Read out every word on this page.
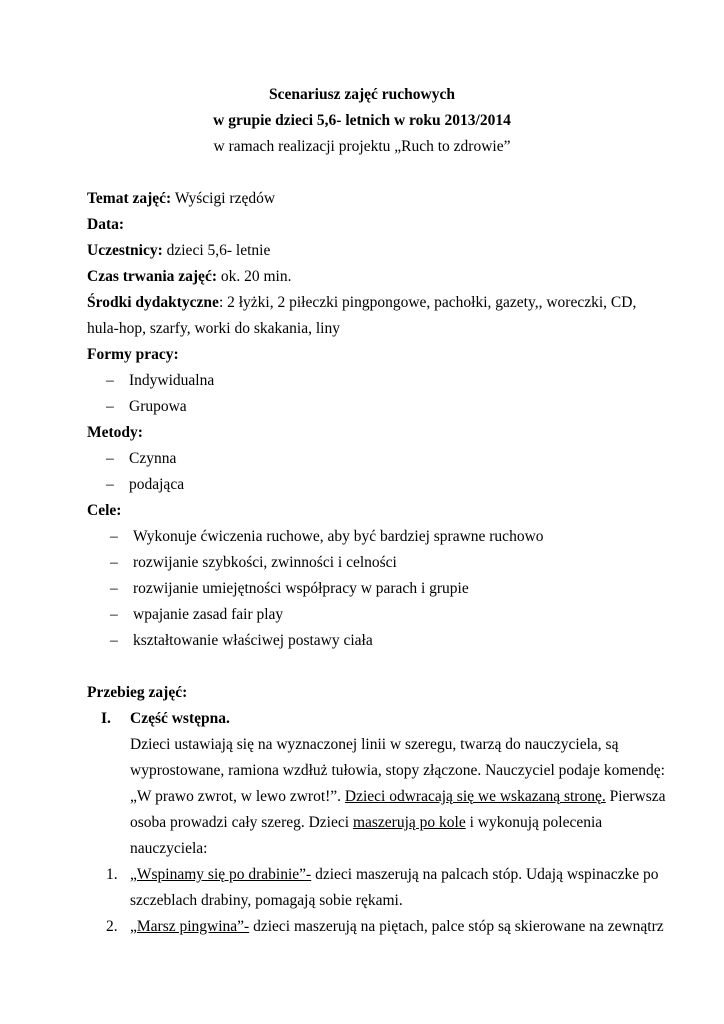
Scenariusz zajęć ruchowych
w grupie dzieci 5,6- letnich w roku 2013/2014
w ramach realizacji projektu „Ruch to zdrowie”
Temat zajęć: Wyścigi rzędów
Data:
Uczestnicy: dzieci 5,6- letnie
Czas trwania zajęć: ok. 20 min.
Środki dydaktyczne: 2 łyżki, 2 piłeczki pingpongowe, pachołki, gazety,, woreczki, CD,
hula-hop, szarfy, worki do skakania, liny
Formy pracy:
– Indywidualna
– Grupowa
Metody:
– Czynna
– podająca
Cele:
– Wykonuje ćwiczenia ruchowe, aby być bardziej sprawne ruchowo
– rozwijanie szybkości, zwinności i celności
– rozwijanie umiejętności współpracy w parach i grupie
– wpajanie zasad fair play
– kształtowanie właściwej postawy ciała
Przebieg zajęć:
I. Część wstępna.
Dzieci ustawiają się na wyznaczonej linii w szeregu, twarzą do nauczyciela, są
wyprostowane, ramiona wzdłuż tułowia, stopy złączone. Nauczyciel podaje komendę:
„W prawo zwrot, w lewo zwrot!”. Dzieci odwracają się we wskazaną stronę. Pierwsza
osoba prowadzi cały szereg. Dzieci maszerują po kole i wykonują polecenia
nauczyciela:
1. „Wspinamy się po drabinie”- dzieci maszerują na palcach stóp. Udają wspinaczke po
szczeblach drabiny, pomagają sobie rękami.
2. „Marsz pingwina”- dzieci maszerują na piętach, palce stóp są skierowane na zewnątrz
